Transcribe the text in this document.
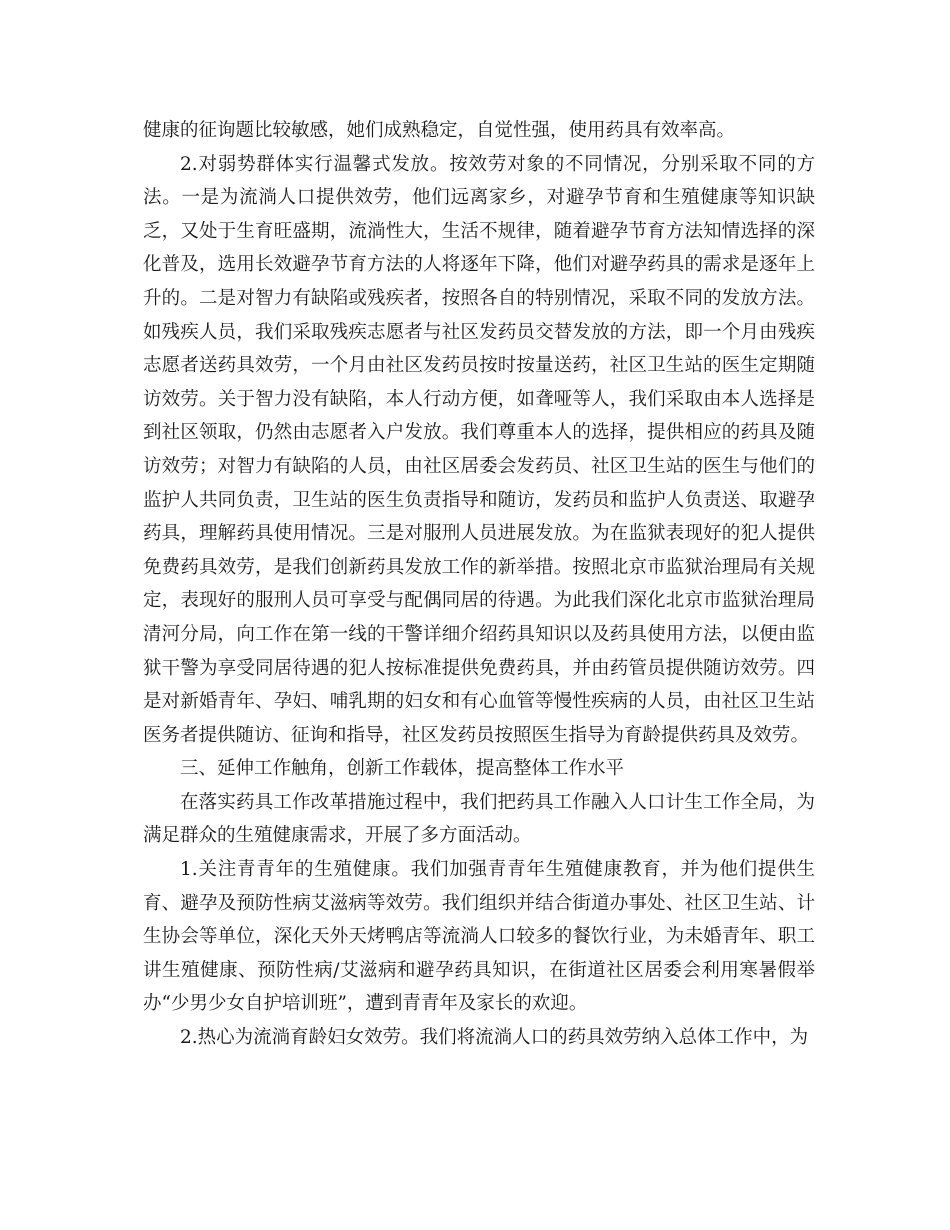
健康的征询题比较敏感，她们成熟稳定，自觉性强，使用药具有效率高。

2.对弱势群体实行温馨式发放。按效劳对象的不同情况，分别采取不同的方法。一是为流淌人口提供效劳，他们远离家乡，对避孕节育和生殖健康等知识缺乏，又处于生育旺盛期，流淌性大，生活不规律，随着避孕节育方法知情选择的深化普及，选用长效避孕节育方法的人将逐年下降，他们对避孕药具的需求是逐年上升的。二是对智力有缺陷或残疾者，按照各自的特别情况，采取不同的发放方法。如残疾人员，我们采取残疾志愿者与社区发药员交替发放的方法，即一个月由残疾志愿者送药具效劳，一个月由社区发药员按时按量送药，社区卫生站的医生定期随访效劳。关于智力没有缺陷，本人行动方便，如聋哑等人，我们采取由本人选择是到社区领取，仍然由志愿者入户发放。我们尊重本人的选择，提供相应的药具及随访效劳；对智力有缺陷的人员，由社区居委会发药员、社区卫生站的医生与他们的监护人共同负责，卫生站的医生负责指导和随访，发药员和监护人负责送、取避孕药具，理解药具使用情况。三是对服刑人员进展发放。为在监狱表现好的犯人提供免费药具效劳，是我们创新药具发放工作的新举措。按照北京市监狱治理局有关规定，表现好的服刑人员可享受与配偶同居的待遇。为此我们深化北京市监狱治理局清河分局，向工作在第一线的干警详细介绍药具知识以及药具使用方法，以便由监狱干警为享受同居待遇的犯人按标准提供免费药具，并由药管员提供随访效劳。四是对新婚青年、孕妇、哺乳期的妇女和有心血管等慢性疾病的人员，由社区卫生站医务者提供随访、征询和指导，社区发药员按照医生指导为育龄提供药具及效劳。

三、延伸工作触角，创新工作载体，提高整体工作水平

在落实药具工作改革措施过程中，我们把药具工作融入人口计生工作全局，为满足群众的生殖健康需求，开展了多方面活动。

1.关注青青年的生殖健康。我们加强青青年生殖健康教育，并为他们提供生育、避孕及预防性病艾滋病等效劳。我们组织并结合街道办事处、社区卫生站、计生协会等单位，深化天外天烤鸭店等流淌人口较多的餐饮行业，为未婚青年、职工讲生殖健康、预防性病/艾滋病和避孕药具知识，在街道社区居委会利用寒暑假举办“少男少女自护培训班”，遭到青青年及家长的欢迎。

2.热心为流淌育龄妇女效劳。我们将流淌人口的药具效劳纳入总体工作中，为
